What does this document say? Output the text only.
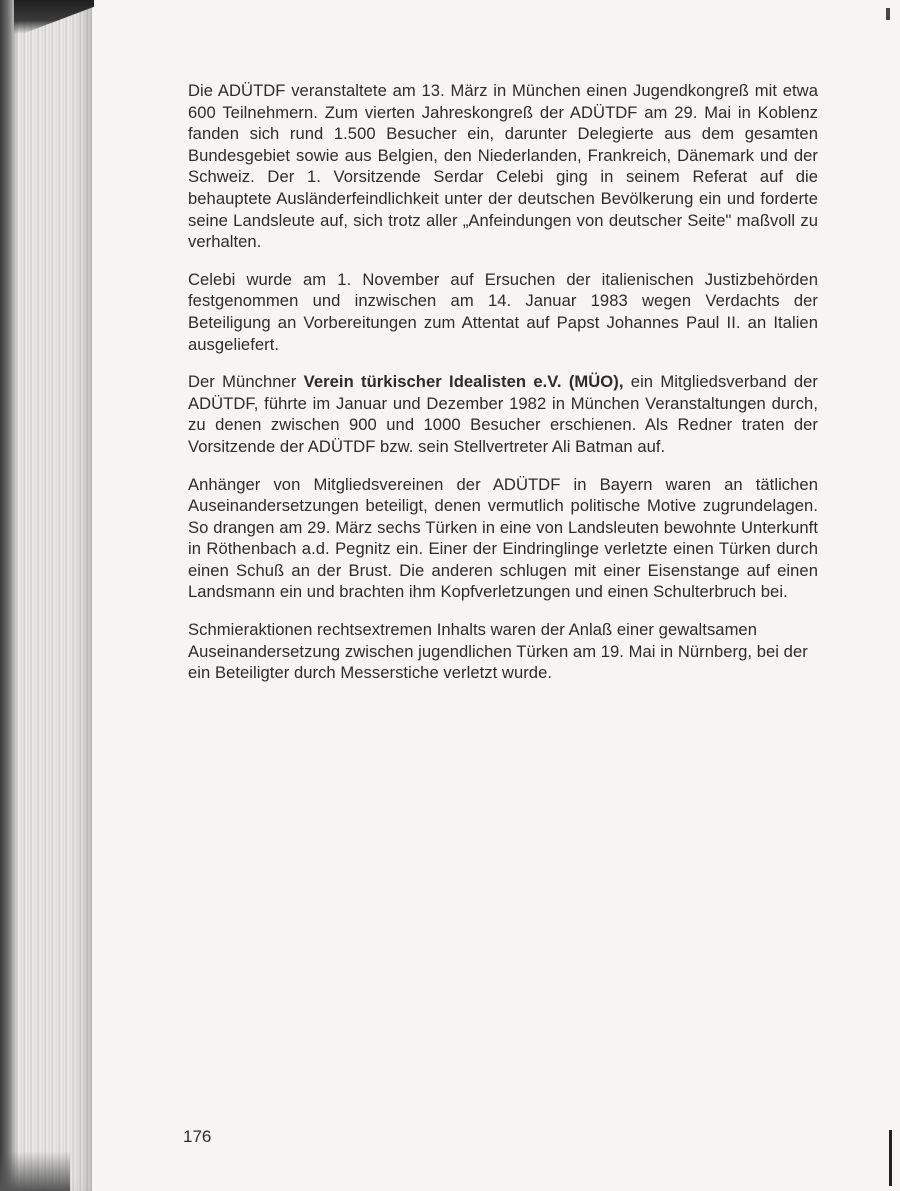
Die ADÜTDF veranstaltete am 13. März in München einen Jugendkongreß mit etwa 600 Teilnehmern. Zum vierten Jahreskongreß der ADÜTDF am 29. Mai in Koblenz fanden sich rund 1.500 Besucher ein, darunter Delegierte aus dem gesamten Bundesgebiet sowie aus Belgien, den Niederlanden, Frankreich, Dänemark und der Schweiz. Der 1. Vorsitzende Serdar Celebi ging in seinem Referat auf die behauptete Ausländerfeindlichkeit unter der deutschen Bevölkerung ein und forderte seine Landsleute auf, sich trotz aller „Anfeindungen von deutscher Seite" maßvoll zu verhalten.

Celebi wurde am 1. November auf Ersuchen der italienischen Justizbehörden festgenommen und inzwischen am 14. Januar 1983 wegen Verdachts der Beteiligung an Vorbereitungen zum Attentat auf Papst Johannes Paul II. an Italien ausgeliefert.

Der Münchner Verein türkischer Idealisten e.V. (MÜO), ein Mitgliedsverband der ADÜTDF, führte im Januar und Dezember 1982 in München Veranstaltungen durch, zu denen zwischen 900 und 1000 Besucher erschienen. Als Redner traten der Vorsitzende der ADÜTDF bzw. sein Stellvertreter Ali Batman auf.

Anhänger von Mitgliedsvereinen der ADÜTDF in Bayern waren an tätlichen Auseinandersetzungen beteiligt, denen vermutlich politische Motive zugrundelagen. So drangen am 29. März sechs Türken in eine von Landsleuten bewohnte Unterkunft in Röthenbach a.d. Pegnitz ein. Einer der Eindringlinge verletzte einen Türken durch einen Schuß an der Brust. Die anderen schlugen mit einer Eisenstange auf einen Landsmann ein und brachten ihm Kopfverletzungen und einen Schulterbruch bei.

Schmieraktionen rechtsextremen Inhalts waren der Anlaß einer gewaltsamen Auseinandersetzung zwischen jugendlichen Türken am 19. Mai in Nürnberg, bei der ein Beteiligter durch Messerstiche verletzt wurde.

176
